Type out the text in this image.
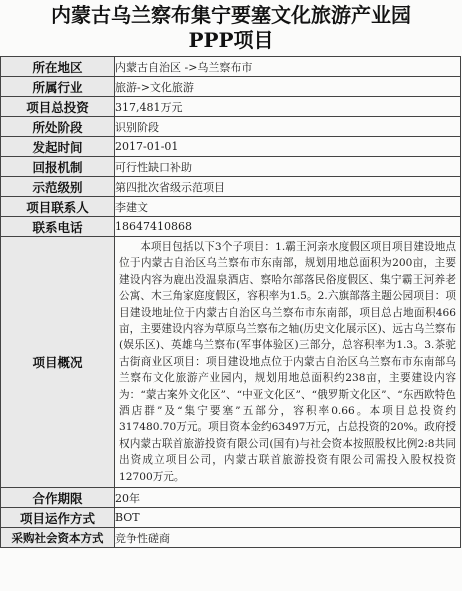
内蒙古乌兰察布集宁要塞文化旅游产业园
PPP项目
所在地区	内蒙古自治区 ->乌兰察布市
所属行业	旅游->文化旅游
项目总投资	317,481万元
所处阶段	识别阶段
发起时间	2017-01-01
回报机制	可行性缺口补助
示范级别	第四批次省级示范项目
项目联系人	李建文
联系电话	18647410868
项目概况	本项目包括以下3个子项目：1.霸王河亲水度假区项目项目建设地点位于内蒙古自治区乌兰察布市东南部，规划用地总面积为200亩，主要建设内容为鹿出没温泉酒店、察哈尔部落民俗度假区、集宁霸王河养老公寓、木三角家庭度假区，容积率为1.5。2.六旗部落主题公园项目：项目建设地址位于内蒙古自治区乌兰察布市东南部，项目总占地面积466亩，主要建设内容为草原乌兰察布之轴(历史文化展示区)、远古乌兰察布(娱乐区)、英雄乌兰察布(军事体验区)三部分，总容积率为1.3。3.茶驼古街商业区项目：项目建设地点位于内蒙古自治区乌兰察布市东南部乌兰察布文化旅游产业园内，规划用地总面积约238亩，主要建设内容为：“蒙古案外文化区”、“中亚文化区”、“俄罗斯文化区”、“东西欧特色酒店群”及“集宁要塞”五部分，容积率0.66。本项目总投资约317480.70万元。项目资本金约63497万元，占总投资的20%。政府授权内蒙古联首旅游投资有限公司(国有)与社会资本按照股权比例2:8共同出资成立项目公司，内蒙古联首旅游投资有限公司需投入股权投资12700万元。
合作期限	20年
项目运作方式	BOT
采购社会资本方式	竞争性磋商
